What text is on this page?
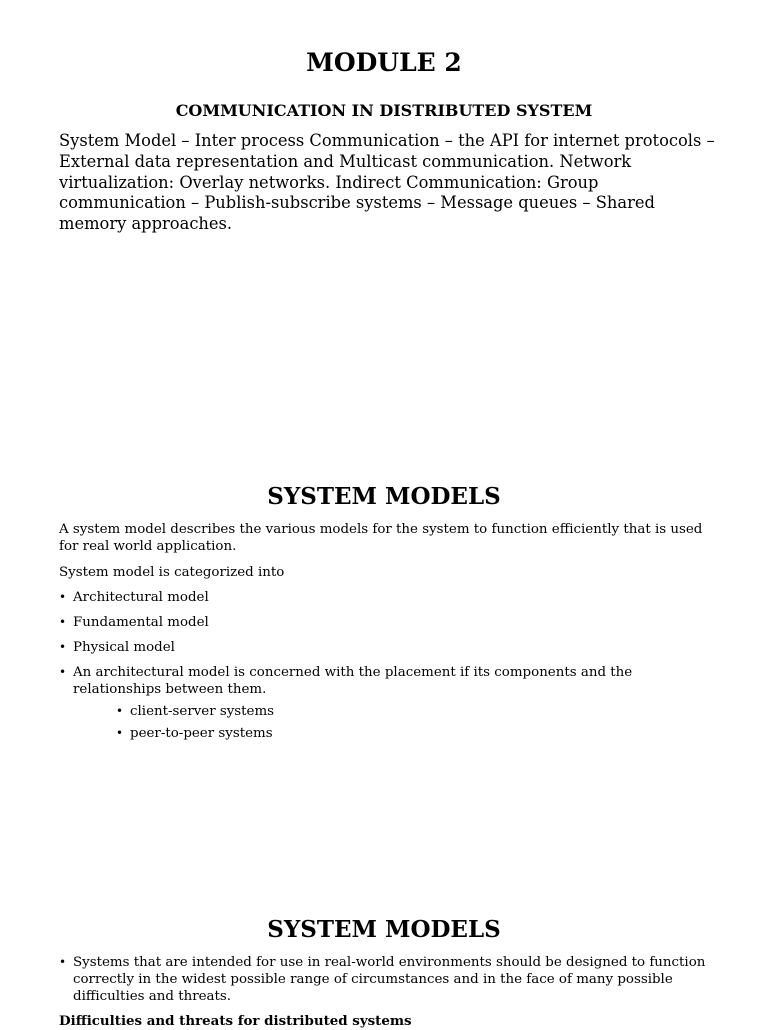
MODULE 2
COMMUNICATION IN DISTRIBUTED SYSTEM

System Model – Inter process Communication – the API for internet protocols – External data representation and Multicast communication. Network virtualization: Overlay networks. Indirect Communication: Group communication – Publish-subscribe systems – Message queues – Shared memory approaches.

SYSTEM MODELS

A system model describes the various models for the system to function efficiently that is used for real world application.

System model is categorized into

• Architectural model
• Fundamental model
• Physical model
• An architectural model is concerned with the placement if its components and the relationships between them.
• client-server systems
• peer-to-peer systems
SYSTEM MODELS
• Systems that are intended for use in real-world environments should be designed to function correctly in the widest possible range of circumstances and in the face of many possible difficulties and threats.
Difficulties and threats for distributed systems
